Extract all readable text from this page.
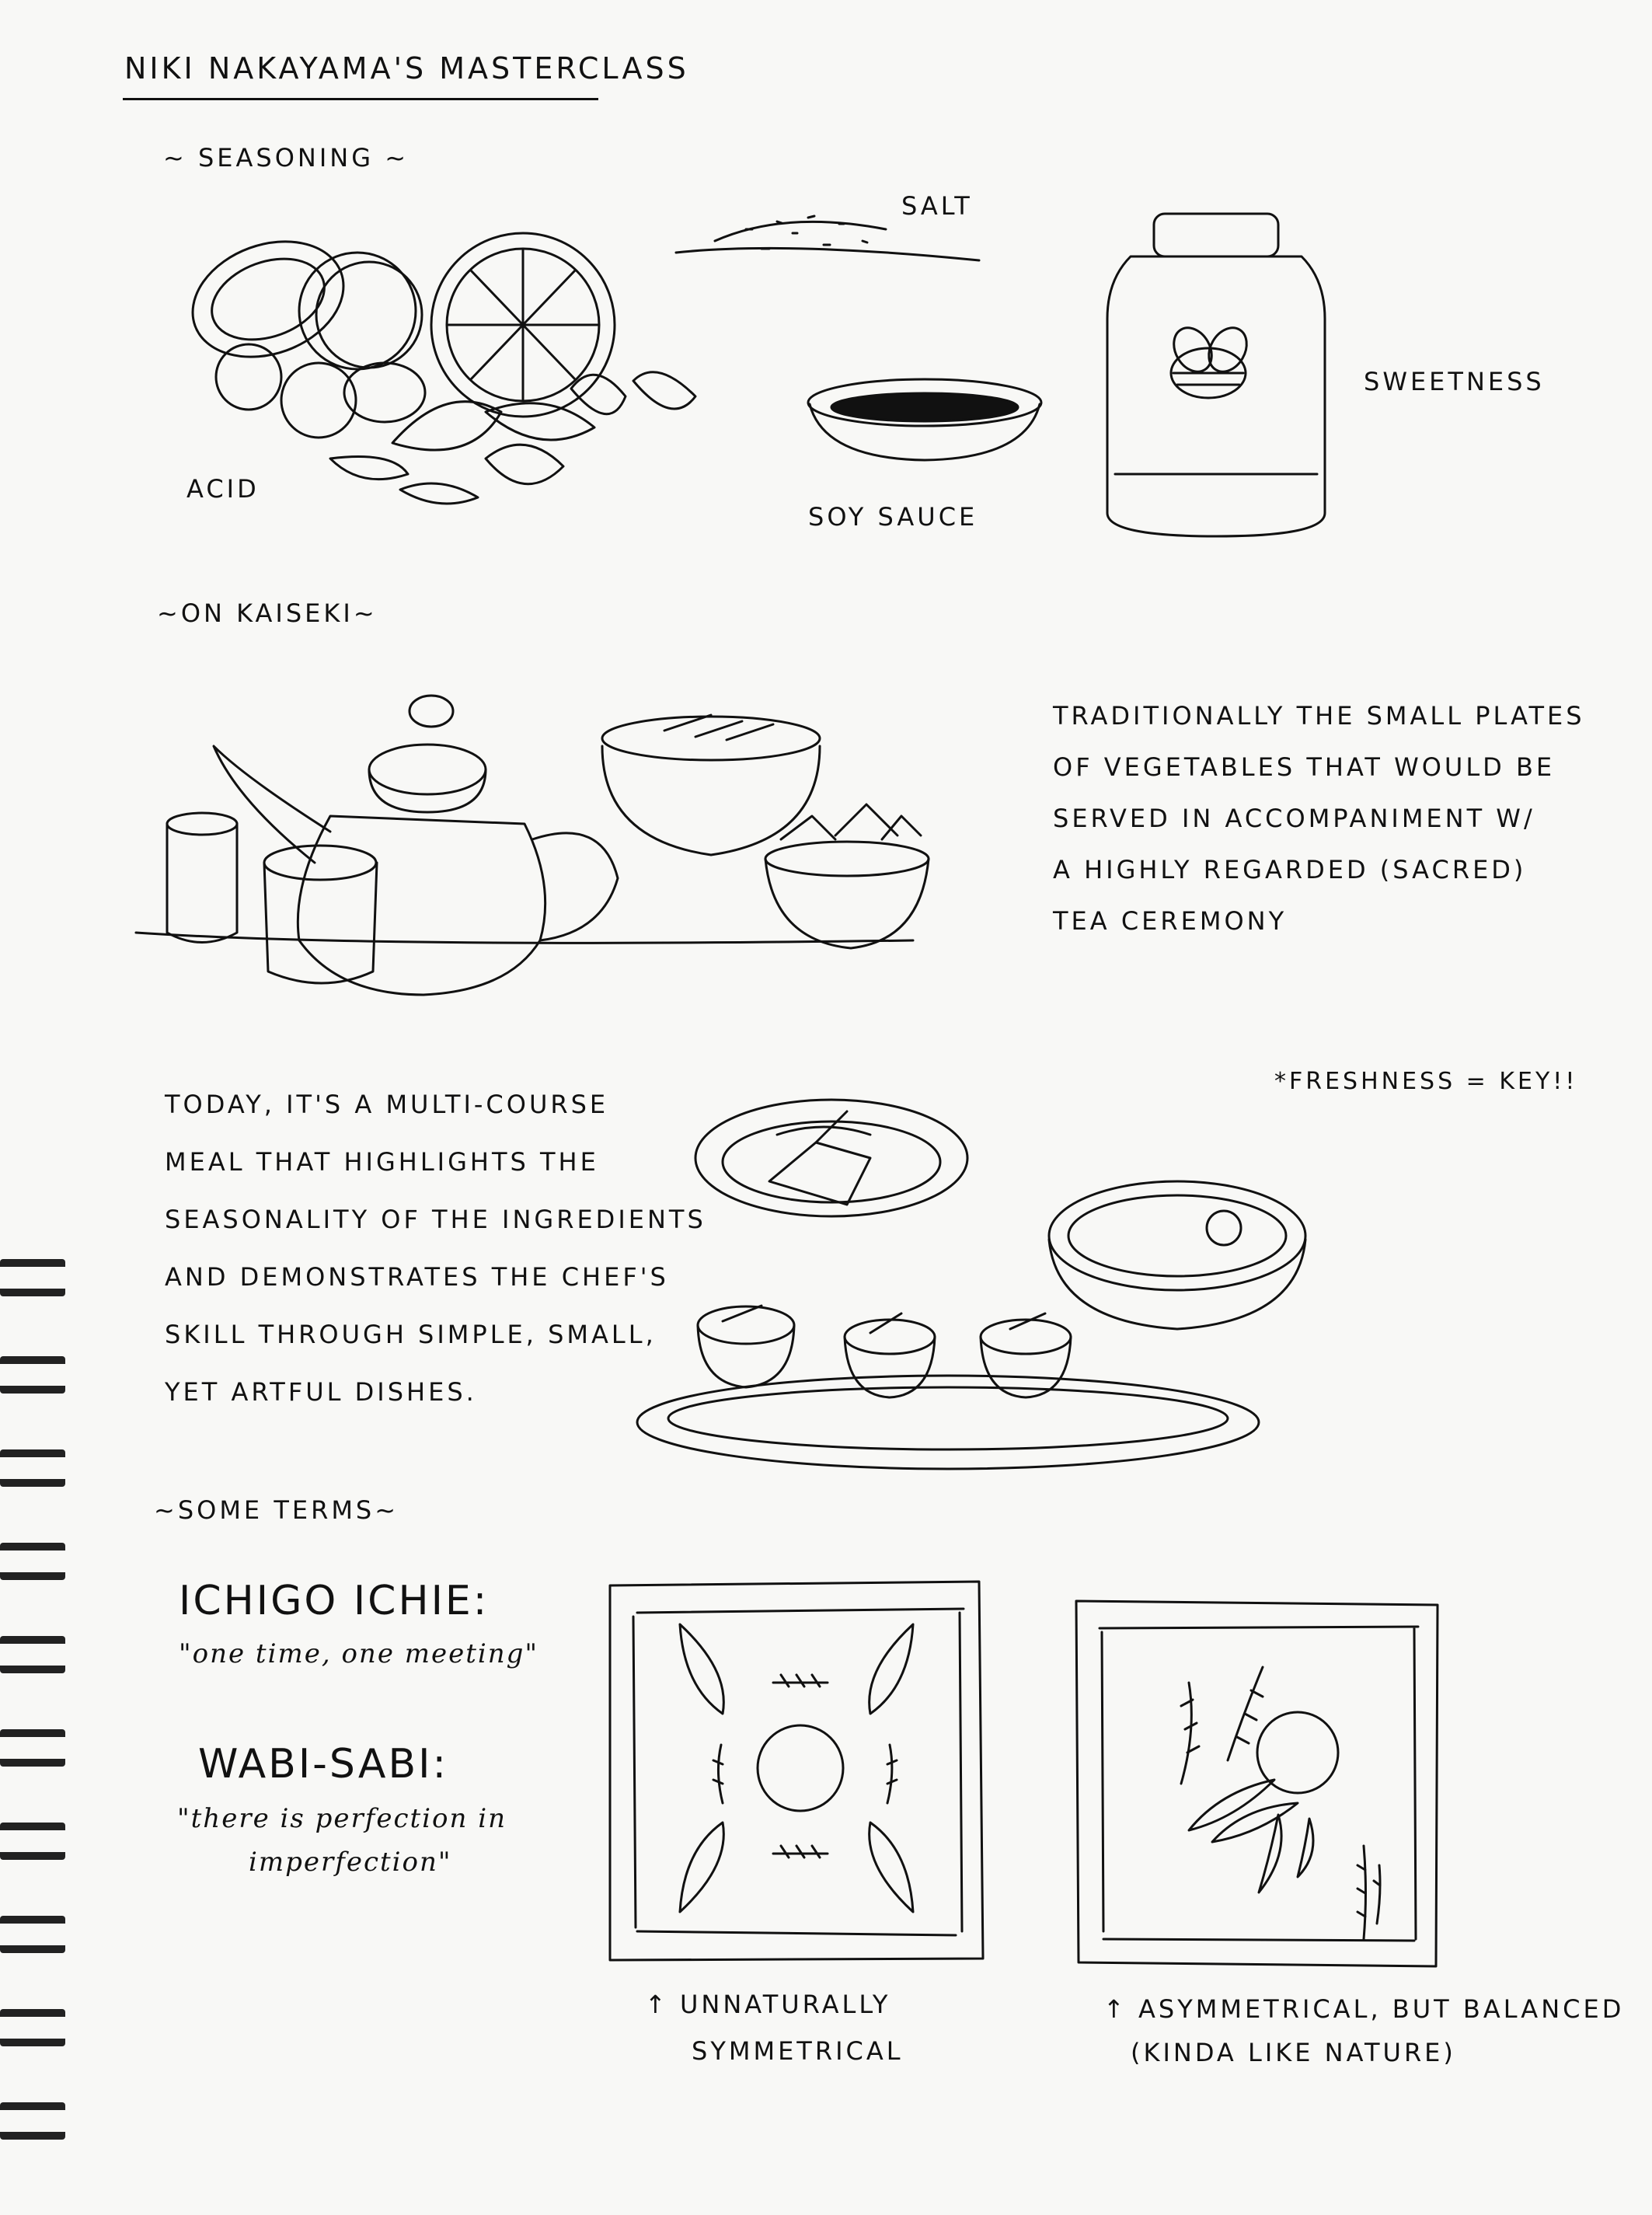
NIKI NAKAYAMA'S MASTERCLASS
~ SEASONING ~
ACID
SALT
SOY SAUCE
SWEETNESS
~ON KAISEKI~
TRADITIONALLY THE SMALL PLATES
OF VEGETABLES THAT WOULD BE
SERVED IN ACCOMPANIMENT W/
A HIGHLY REGARDED (SACRED)
TEA CEREMONY
*FRESHNESS = KEY!!
TODAY, IT'S A MULTI-COURSE
MEAL THAT HIGHLIGHTS THE
SEASONALITY OF THE INGREDIENTS
AND DEMONSTRATES THE CHEF'S
SKILL THROUGH SIMPLE, SMALL,
YET ARTFUL DISHES.
~SOME TERMS~
ICHIGO ICHIE:
"one time, one meeting"
WABI-SABI:
"there is perfection in
imperfection"
↑ UNNATURALLY
SYMMETRICAL
↑ ASYMMETRICAL, BUT BALANCED
(KINDA LIKE NATURE)
